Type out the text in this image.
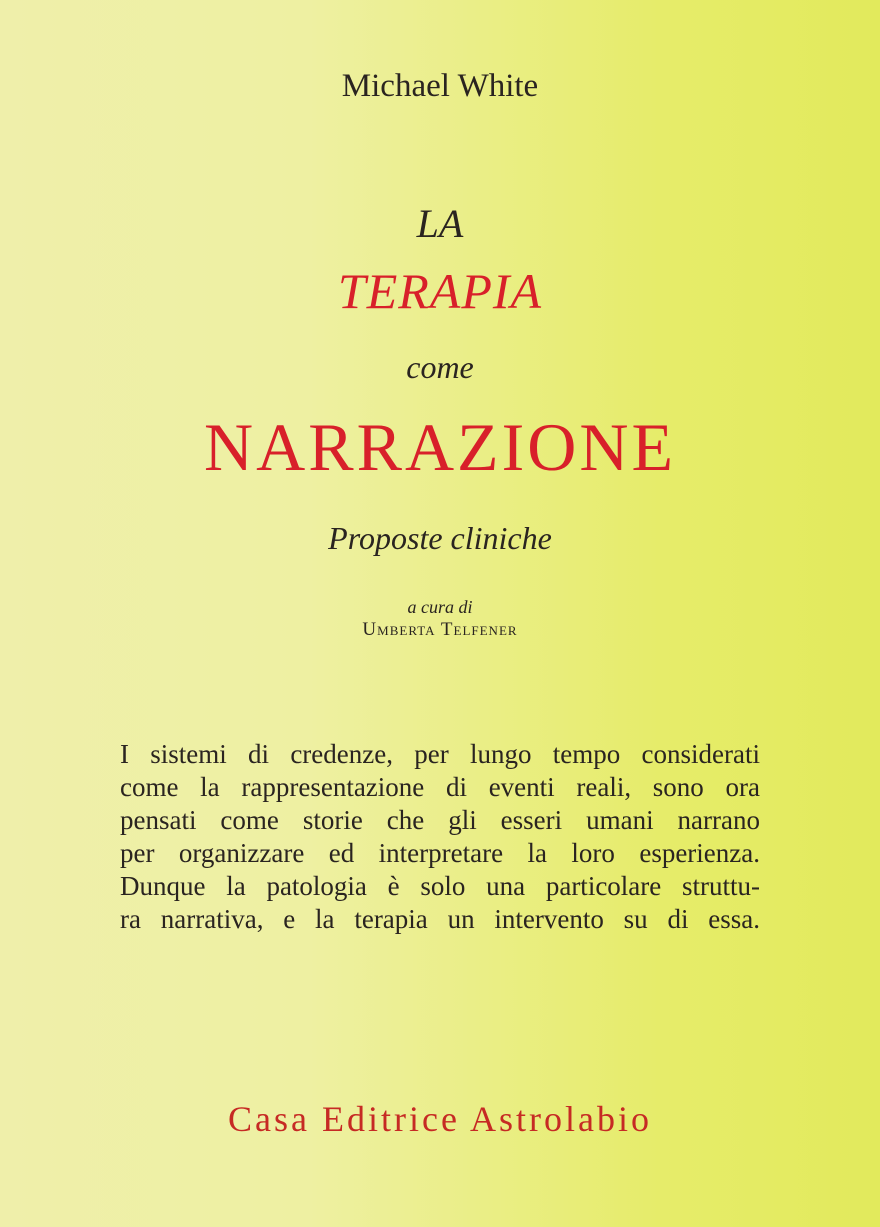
Michael White
LA
TERAPIA
come
NARRAZIONE
Proposte cliniche
a cura di
Umberta Telfener
I sistemi di credenze, per lungo tempo considerati
come la rappresentazione di eventi reali, sono ora
pensati come storie che gli esseri umani narrano
per organizzare ed interpretare la loro esperienza.
Dunque la patologia è solo una particolare struttu-
ra narrativa, e la terapia un intervento su di essa.
Casa Editrice Astrolabio
